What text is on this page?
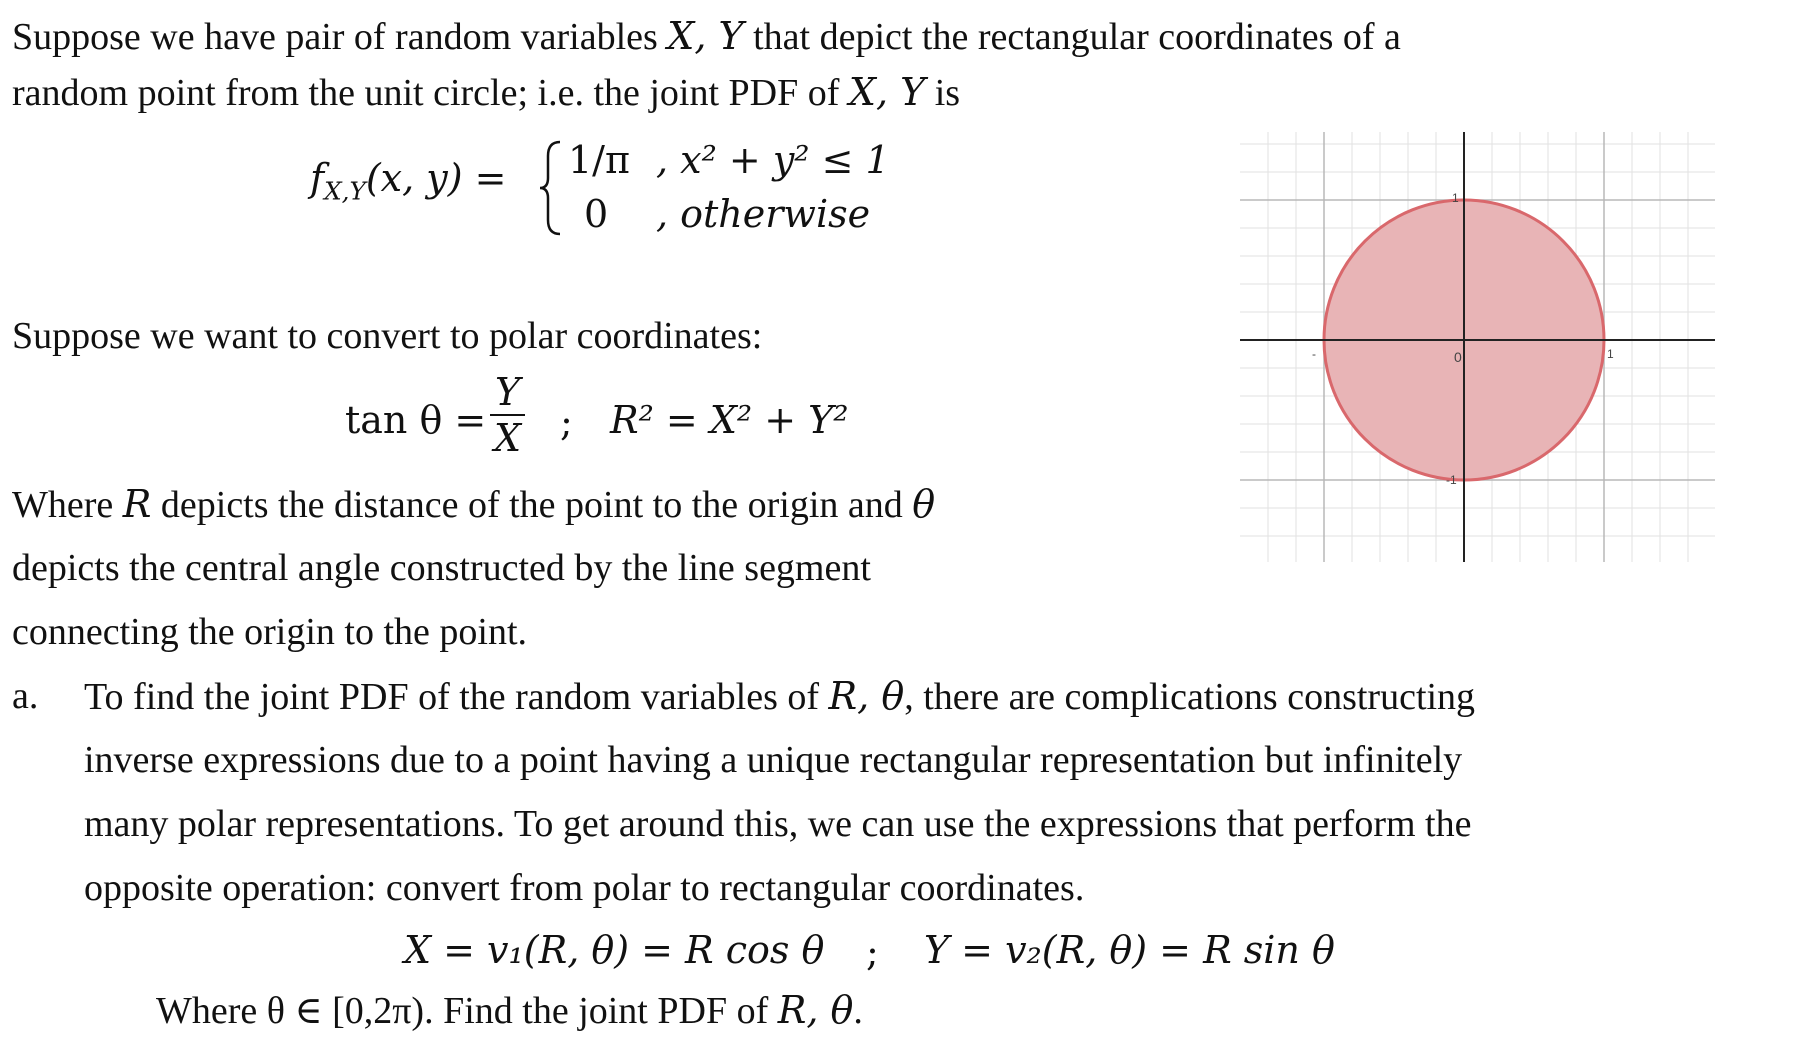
Suppose we have pair of random variables X, Y that depict the rectangular coordinates of a
random point from the unit circle; i.e. the joint PDF of X, Y is
$f_{X,Y}(x$, y) = 1/π , x² + y² ≤ 1
0 , otherwise
Suppose we want to convert to polar coordinates:
$\tan \theta = \frac{Y}{X}$ ; R² = X² + Y²
Where R depicts the distance of the point to the origin and θ
depicts the central angle constructed by the line segment
connecting the origin to the point.
a. To find the joint PDF of the random variables of R, θ, there are complications constructing
inverse expressions due to a point having a unique rectangular representation but infinitely
many polar representations. To get around this, we can use the expressions that perform the
opposite operation: convert from polar to rectangular coordinates.
X = v₁(R, θ) = R cos θ ; Y = v₂(R, θ) = R sin θ
Where θ ∈ [0,2π). Find the joint PDF of R, θ.
0
1
-1
-	1
